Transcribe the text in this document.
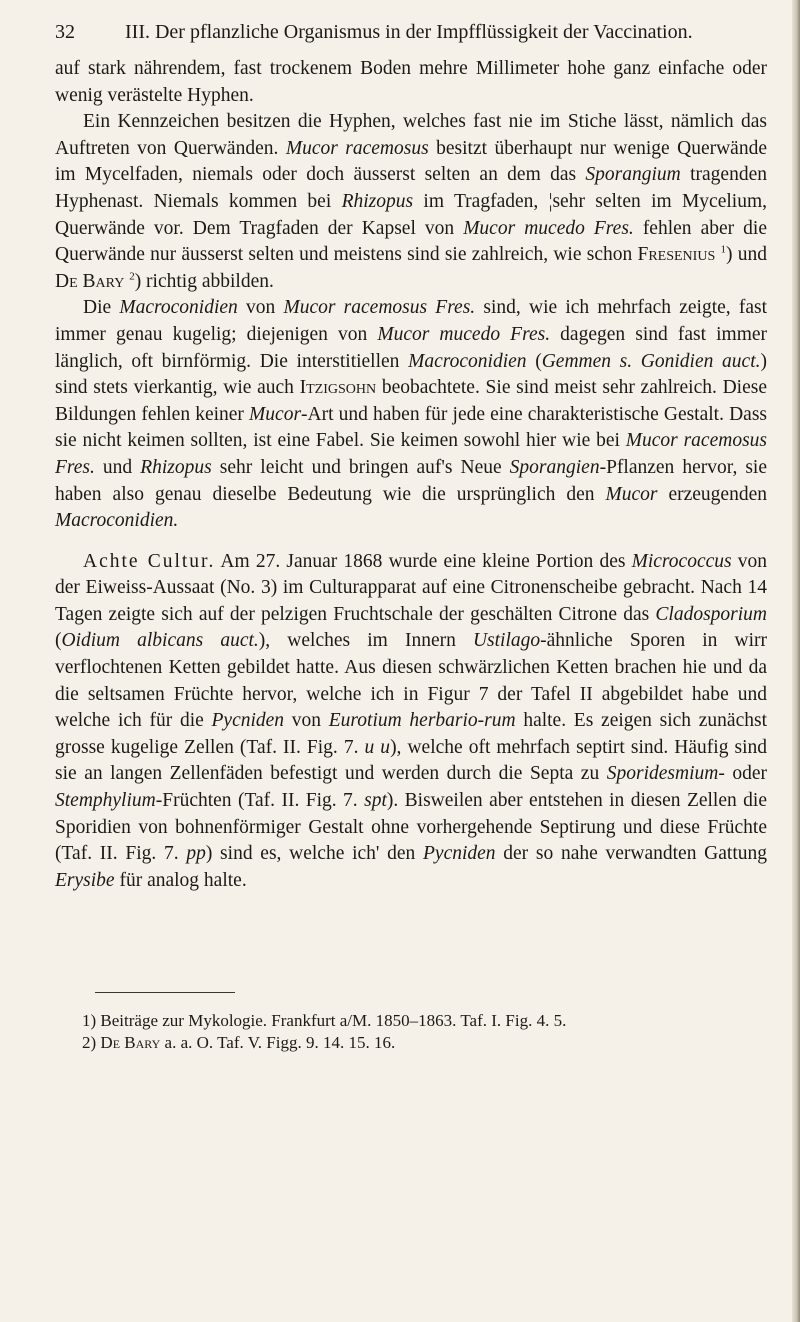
32	III. Der pflanzliche Organismus in der Impfflüssigkeit der Vaccination.

auf stark nährendem, fast trockenem Boden mehre Millimeter hohe ganz einfache oder wenig verästelte Hyphen.

Ein Kennzeichen besitzen die Hyphen, welches fast nie im Stiche lässt, nämlich das Auftreten von Querwänden. Mucor racemosus besitzt überhaupt nur wenige Querwände im Mycelfaden, niemals oder doch äusserst selten an dem das Sporangium tragenden Hyphenast. Niemals kommen bei Rhizopus im Tragfaden, ¦sehr selten im Mycelium, Querwände vor. Dem Tragfaden der Kapsel von Mucor mucedo Fres. fehlen aber die Querwände nur äusserst selten und meistens sind sie zahlreich, wie schon Fresenius $^1$) und De Bary $^2$) richtig abbilden.

Die Macroconidien von Mucor racemosus Fres. sind, wie ich mehrfach zeigte, fast immer genau kugelig; diejenigen von Mucor mucedo Fres. dagegen sind fast immer länglich, oft birnförmig. Die interstitiellen Macroconidien (Gemmen s. Gonidien auct.) sind stets vierkantig, wie auch Itzigsohn beobachtete. Sie sind meist sehr zahlreich. Diese Bildungen fehlen keiner Mucor-Art und haben für jede eine charakteristische Gestalt. Dass sie nicht keimen sollten, ist eine Fabel. Sie keimen sowohl hier wie bei Mucor racemosus Fres. und Rhizopus sehr leicht und bringen auf's Neue Sporangien-Pflanzen hervor, sie haben also genau dieselbe Bedeutung wie die ursprünglich den Mucor erzeugenden Macroconidien.

Achte Cultur. Am 27. Januar 1868 wurde eine kleine Portion des Micrococcus von der Eiweiss-Aussaat (No. 3) im Culturapparat auf eine Citronenscheibe gebracht. Nach 14 Tagen zeigte sich auf der pelzigen Fruchtschale der geschälten Citrone das Cladosporium (Oidium albicans auct.), welches im Innern Ustilago-ähnliche Sporen in wirr verflochtenen Ketten gebildet hatte. Aus diesen schwärzlichen Ketten brachen hie und da die seltsamen Früchte hervor, welche ich in Figur 7 der Tafel II abgebildet habe und welche ich für die Pycniden von Eurotium herbario-rum halte. Es zeigen sich zunächst grosse kugelige Zellen (Taf. II. Fig. 7. u u), welche oft mehrfach septirt sind. Häufig sind sie an langen Zellenfäden befestigt und werden durch die Septa zu Sporidesmium- oder Stemphylium-Früchten (Taf. II. Fig. 7. spt). Bisweilen aber entstehen in diesen Zellen die Sporidien von bohnenförmiger Gestalt ohne vorhergehende Septirung und diese Früchte (Taf. II. Fig. 7. pp) sind es, welche ich' den Pycniden der so nahe verwandten Gattung Erysibe für analog halte.

1) Beiträge zur Mykologie. Frankfurt a/M. 1850–1863. Taf. I. Fig. 4. 5.

2) De Bary a. a. O. Taf. V. Figg. 9. 14. 15. 16.
